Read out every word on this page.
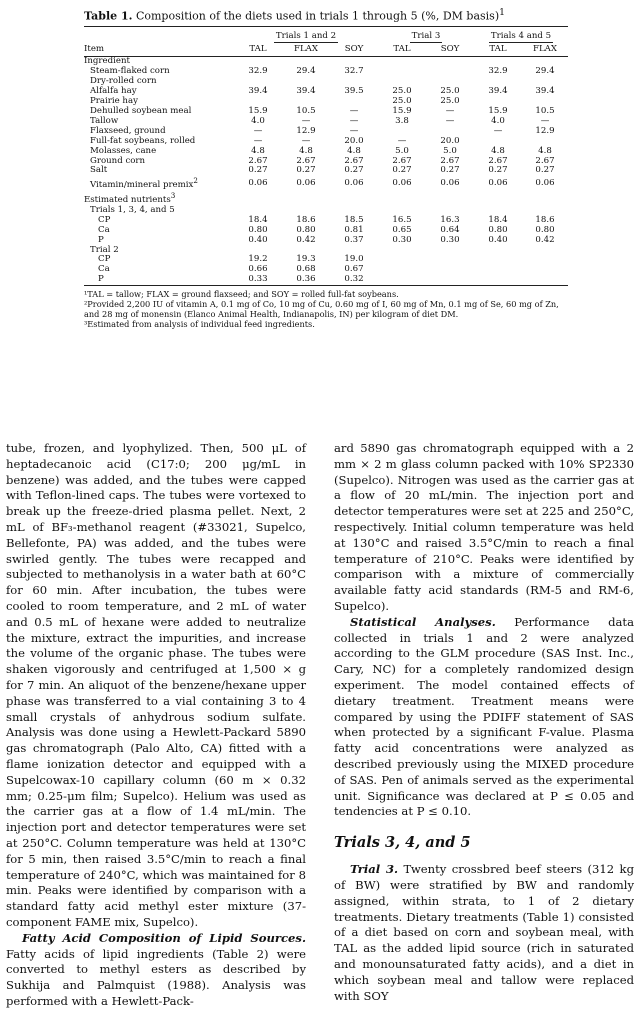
Table 1. Composition of the diets used in trials 1 through 5 (%, DM basis)$^1$

	Trials 1 and 2			Trial 3		Trials 4 and 5	
Item	TAL	FLAX	SOY	TAL	SOY	TAL	FLAX
Ingredient							
Steam-flaked corn	32.9	29.4	32.7			32.9	29.4
Dry-rolled corn							
Alfalfa hay	39.4	39.4	39.5	25.0	25.0	39.4	39.4
Prairie hay				25.0	25.0		
Dehulled soybean meal	15.9	10.5	—	15.9	—	15.9	10.5
Tallow	4.0	—	—	3.8	—	4.0	—
Flaxseed, ground	—	12.9	—			—	12.9
Full-fat soybeans, rolled	—	—	20.0	—	20.0		
Molasses, cane	4.8	4.8	4.8	5.0	5.0	4.8	4.8
Ground corn	2.67	2.67	2.67	2.67	2.67	2.67	2.67
Salt	0.27	0.27	0.27	0.27	0.27	0.27	0.27
Vitamin/mineral premix$^2$	0.06	0.06	0.06	0.06	0.06	0.06	0.06
Estimated nutrients$^3$							
Trials 1, 3, 4, and 5							
CP	18.4	18.6	18.5	16.5	16.3	18.4	18.6
Ca	0.80	0.80	0.81	0.65	0.64	0.80	0.80
P	0.40	0.42	0.37	0.30	0.30	0.40	0.42
Trial 2							
CP	19.2	19.3	19.0				
Ca	0.66	0.68	0.67				
P	0.33	0.36	0.32				
¹TAL = tallow; FLAX = ground flaxseed; and SOY = rolled full-fat soybeans.
²Provided 2,200 IU of vitamin A, 0.1 mg of Co, 10 mg of Cu, 0.60 mg of I, 60 mg of Mn, 0.1 mg of Se, 60 mg of Zn, and 28 mg of monensin (Elanco Animal Health, Indianapolis, IN) per kilogram of diet DM.
³Estimated from analysis of individual feed ingredients.

tube, frozen, and lyophylized. Then, 500 μL of heptadecanoic acid (C17:0; 200 μg/mL in benzene) was added, and the tubes were capped with Teflon-lined caps. The tubes were vortexed to break up the freeze-dried plasma pellet. Next, 2 mL of BF₃-methanol reagent (#33021, Supelco, Bellefonte, PA) was added, and the tubes were swirled gently. The tubes were recapped and subjected to methanolysis in a water bath at 60°C for 60 min. After incubation, the tubes were cooled to room temperature, and 2 mL of water and 0.5 mL of hexane were added to neutralize the mixture, extract the impurities, and increase the volume of the organic phase. The tubes were shaken vigorously and centrifuged at 1,500 × g for 7 min. An aliquot of the benzene/hexane upper phase was transferred to a vial containing 3 to 4 small crystals of anhydrous sodium sulfate. Analysis was done using a Hewlett-Packard 5890 gas chromatograph (Palo Alto, CA) fitted with a flame ionization detector and equipped with a Supelcowax-10 capillary column (60 m × 0.32 mm; 0.25-μm film; Supelco). Helium was used as the carrier gas at a flow of 1.4 mL/min. The injection port and detector temperatures were set at 250°C. Column temperature was held at 130°C for 5 min, then raised 3.5°C/min to reach a final temperature of 240°C, which was maintained for 8 min. Peaks were identified by comparison with a standard fatty acid methyl ester mixture (37-component FAME mix, Supelco).

Fatty Acid Composition of Lipid Sources. Fatty acids of lipid ingredients (Table 2) were converted to methyl esters as described by Sukhija and Palmquist (1988). Analysis was performed with a Hewlett-Pack-

ard 5890 gas chromatograph equipped with a 2 mm × 2 m glass column packed with 10% SP2330 (Supelco). Nitrogen was used as the carrier gas at a flow of 20 mL/min. The injection port and detector temperatures were set at 225 and 250°C, respectively. Initial column temperature was held at 130°C and raised 3.5°C/min to reach a final temperature of 210°C. Peaks were identified by comparison with a mixture of commercially available fatty acid standards (RM-5 and RM-6, Supelco).

Statistical Analyses. Performance data collected in trials 1 and 2 were analyzed according to the GLM procedure (SAS Inst. Inc., Cary, NC) for a completely randomized design experiment. The model contained effects of dietary treatment. Treatment means were compared by using the PDIFF statement of SAS when protected by a significant F-value. Plasma fatty acid concentrations were analyzed as described previously using the MIXED procedure of SAS. Pen of animals served as the experimental unit. Significance was declared at P ≤ 0.05 and tendencies at P ≤ 0.10.

Trials 3, 4, and 5

Trial 3. Twenty crossbred beef steers (312 kg of BW) were stratified by BW and randomly assigned, within strata, to 1 of 2 dietary treatments. Dietary treatments (Table 1) consisted of a diet based on corn and soybean meal, with TAL as the added lipid source (rich in saturated and monounsaturated fatty acids), and a diet in which soybean meal and tallow were replaced with SOY
